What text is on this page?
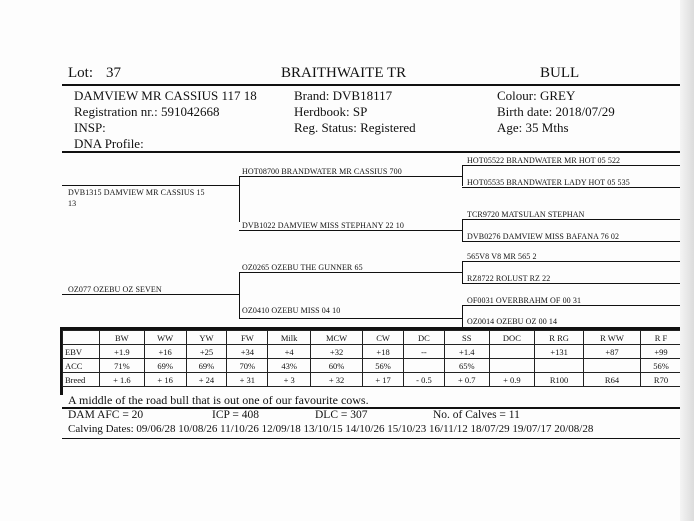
Lot: 37	BRAITHWAITE TR	BULL
DAMVIEW MR CASSIUS 117 18
Registration nr.: 591042668
INSP:
DNA Profile:
Brand: DVB18117
Herdbook: SP
Reg. Status: Registered
Colour: GREY
Birth date: 2018/07/29
Age: 35 Mths
DVB1315 DAMVIEW MR CASSIUS 15
13
HOT08700 BRANDWATER MR CASSIUS 700
DVB1022 DAMVIEW MISS STEPHANY 22 10
HOT05522 BRANDWATER MR HOT 05 522
HOT05535 BRANDWATER LADY HOT 05 535
TCR9720 MATSULAN STEPHAN
DVB0276 DAMVIEW MISS BAFANA 76 02
OZ077 OZEBU OZ SEVEN
OZ0265 OZEBU THE GUNNER 65
OZ0410 OZEBU MISS 04 10
565V8 V8 MR 565 2
RZ8722 ROLUST RZ 22
OF0031 OVERBRAHM OF 00 31
OZ0014 OZEBU OZ 00 14
	BW	WW	YW	FW	Milk	MCW	CW	DC	SS	DOC	R RG	R WW	R F
EBV	+1.9	+16	+25	+34	+4	+32	+18	--	+1.4		+131	+87	+99
ACC	71%	69%	69%	70%	43%	60%	56%		65%				56%
Breed	+ 1.6	+ 16	+ 24	+ 31	+ 3	+ 32	+ 17	- 0.5	+ 0.7	+ 0.9	R100	R64	R70
A middle of the road bull that is out one of our favourite cows.
DAM AFC = 20	ICP = 408	DLC = 307	No. of Calves = 11
Calving Dates: 09/06/28 10/08/26 11/10/26 12/09/18 13/10/15 14/10/26 15/10/23 16/11/12 18/07/29 19/07/17 20/08/28
